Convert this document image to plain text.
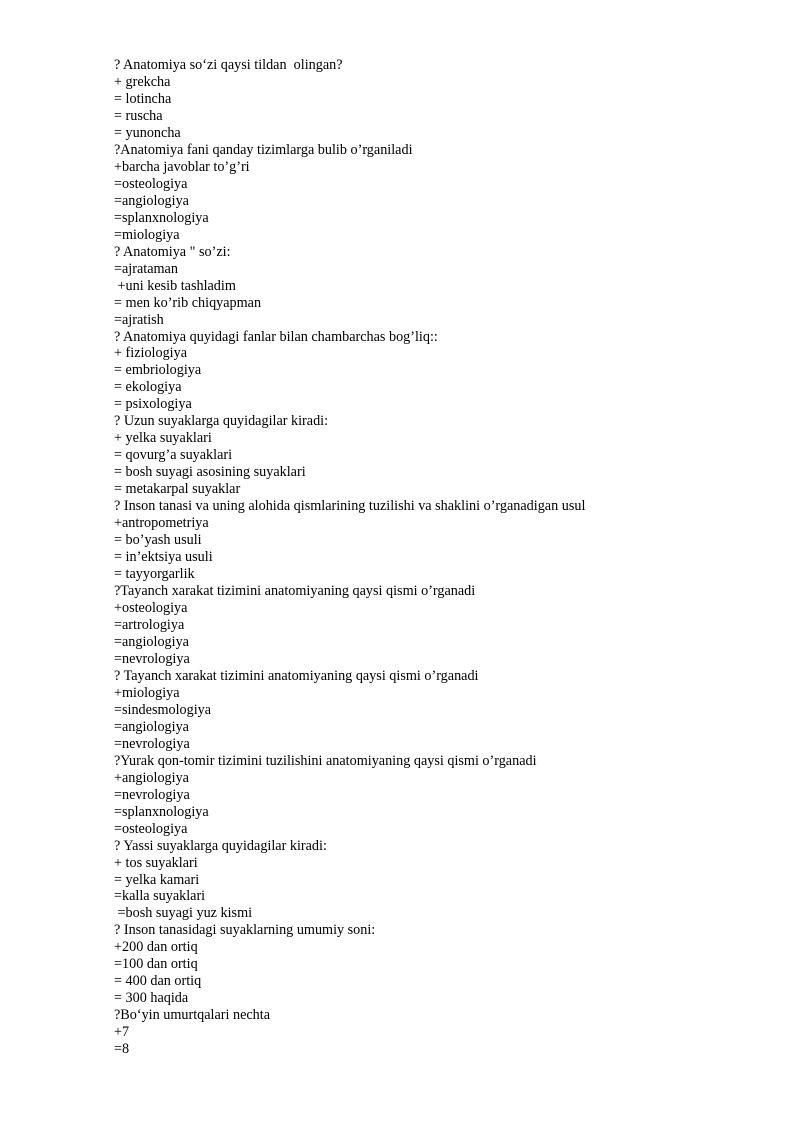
? Anatomiya so‘zi qaysi tildan  olingan?
+ grekcha
= lotincha
= ruscha
= yunoncha
?Anatomiya fani qanday tizimlarga bulib o’rganiladi
+barcha javoblar to’g’ri
=osteologiya
=angiologiya
=splanxnologiya
=miologiya
? Anatomiya " so’zi:
=ajrataman
+uni kesib tashladim
= men ko’rib chiqyapman
=ajratish
? Anatomiya quyidagi fanlar bilan chambarchas bog’liq::
+ fiziologiya
= embriologiya
= ekologiya
= psixologiya
? Uzun suyaklarga quyidagilar kiradi:
+ yelka suyaklari
= qovurg’a suyaklari
= bosh suyagi asosining suyaklari
= metakarpal suyaklar
? Inson tanasi va uning alohida qismlarining tuzilishi va shaklini o’rganadigan usul
+antropometriya
= bo’yash usuli
= in’ektsiya usuli
= tayyorgarlik
?Tayanch xarakat tizimini anatomiyaning qaysi qismi o’rganadi
+osteologiya
=artrologiya
=angiologiya
=nevrologiya
? Tayanch xarakat tizimini anatomiyaning qaysi qismi o’rganadi
+miologiya
=sindesmologiya
=angiologiya
=nevrologiya
?Yurak qon-tomir tizimini tuzilishini anatomiyaning qaysi qismi o’rganadi
+angiologiya
=nevrologiya
=splanxnologiya
=osteologiya
? Yassi suyaklarga quyidagilar kiradi:
+ tos suyaklari
= yelka kamari
=kalla suyaklari
=bosh suyagi yuz kismi
? Inson tanasidagi suyaklarning umumiy soni:
+200 dan ortiq
=100 dan ortiq
= 400 dan ortiq
= 300 haqida
?Bo‘yin umurtqalari nechta
+7
=8
